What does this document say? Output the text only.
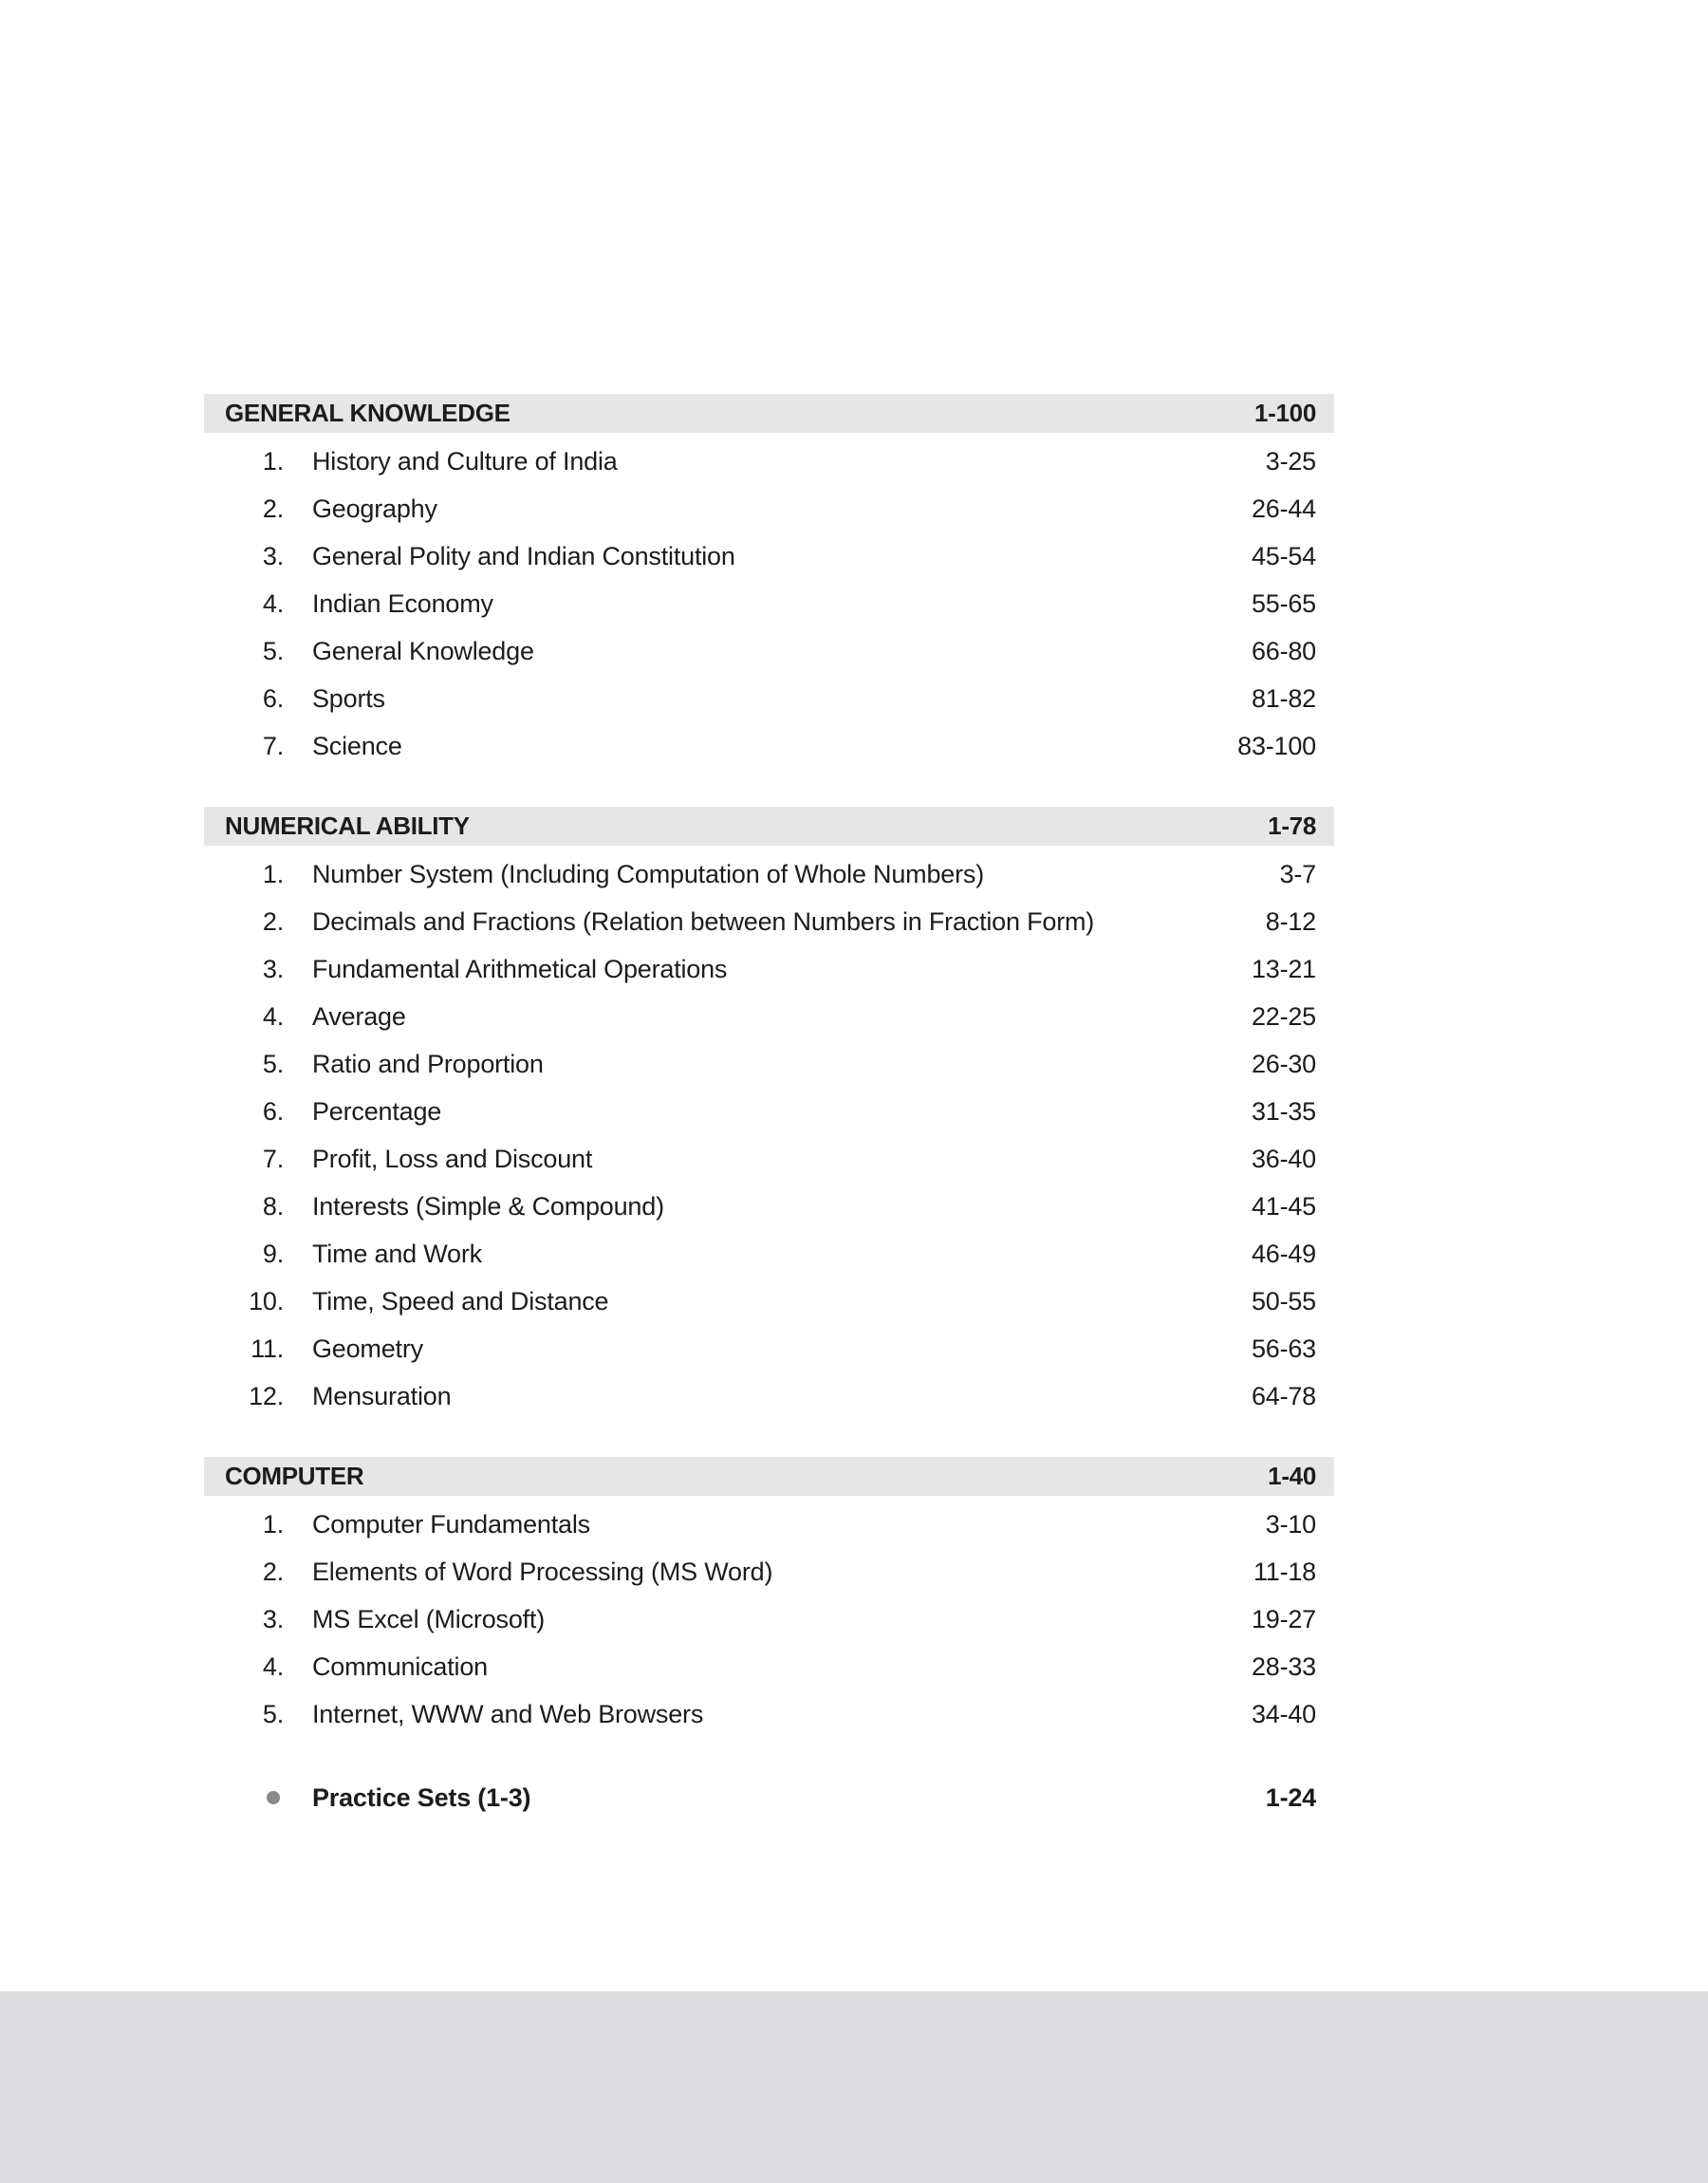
GENERAL KNOWLEDGE	1-100
1.	History and Culture of India	3-25
2.	Geography	26-44
3.	General Polity and Indian Constitution	45-54
4.	Indian Economy	55-65
5.	General Knowledge	66-80
6.	Sports	81-82
7.	Science	83-100
NUMERICAL ABILITY	1-78
1.	Number System (Including Computation of Whole Numbers)	3-7
2.	Decimals and Fractions (Relation between Numbers in Fraction Form)	8-12
3.	Fundamental Arithmetical Operations	13-21
4.	Average	22-25
5.	Ratio and Proportion	26-30
6.	Percentage	31-35
7.	Profit, Loss and Discount	36-40
8.	Interests (Simple & Compound)	41-45
9.	Time and Work	46-49
10.	Time, Speed and Distance	50-55
11.	Geometry	56-63
12.	Mensuration	64-78
COMPUTER	1-40
1.	Computer Fundamentals	3-10
2.	Elements of Word Processing (MS Word)	11-18
3.	MS Excel (Microsoft)	19-27
4.	Communication	28-33
5.	Internet, WWW and Web Browsers	34-40
Practice Sets (1-3)	1-24
